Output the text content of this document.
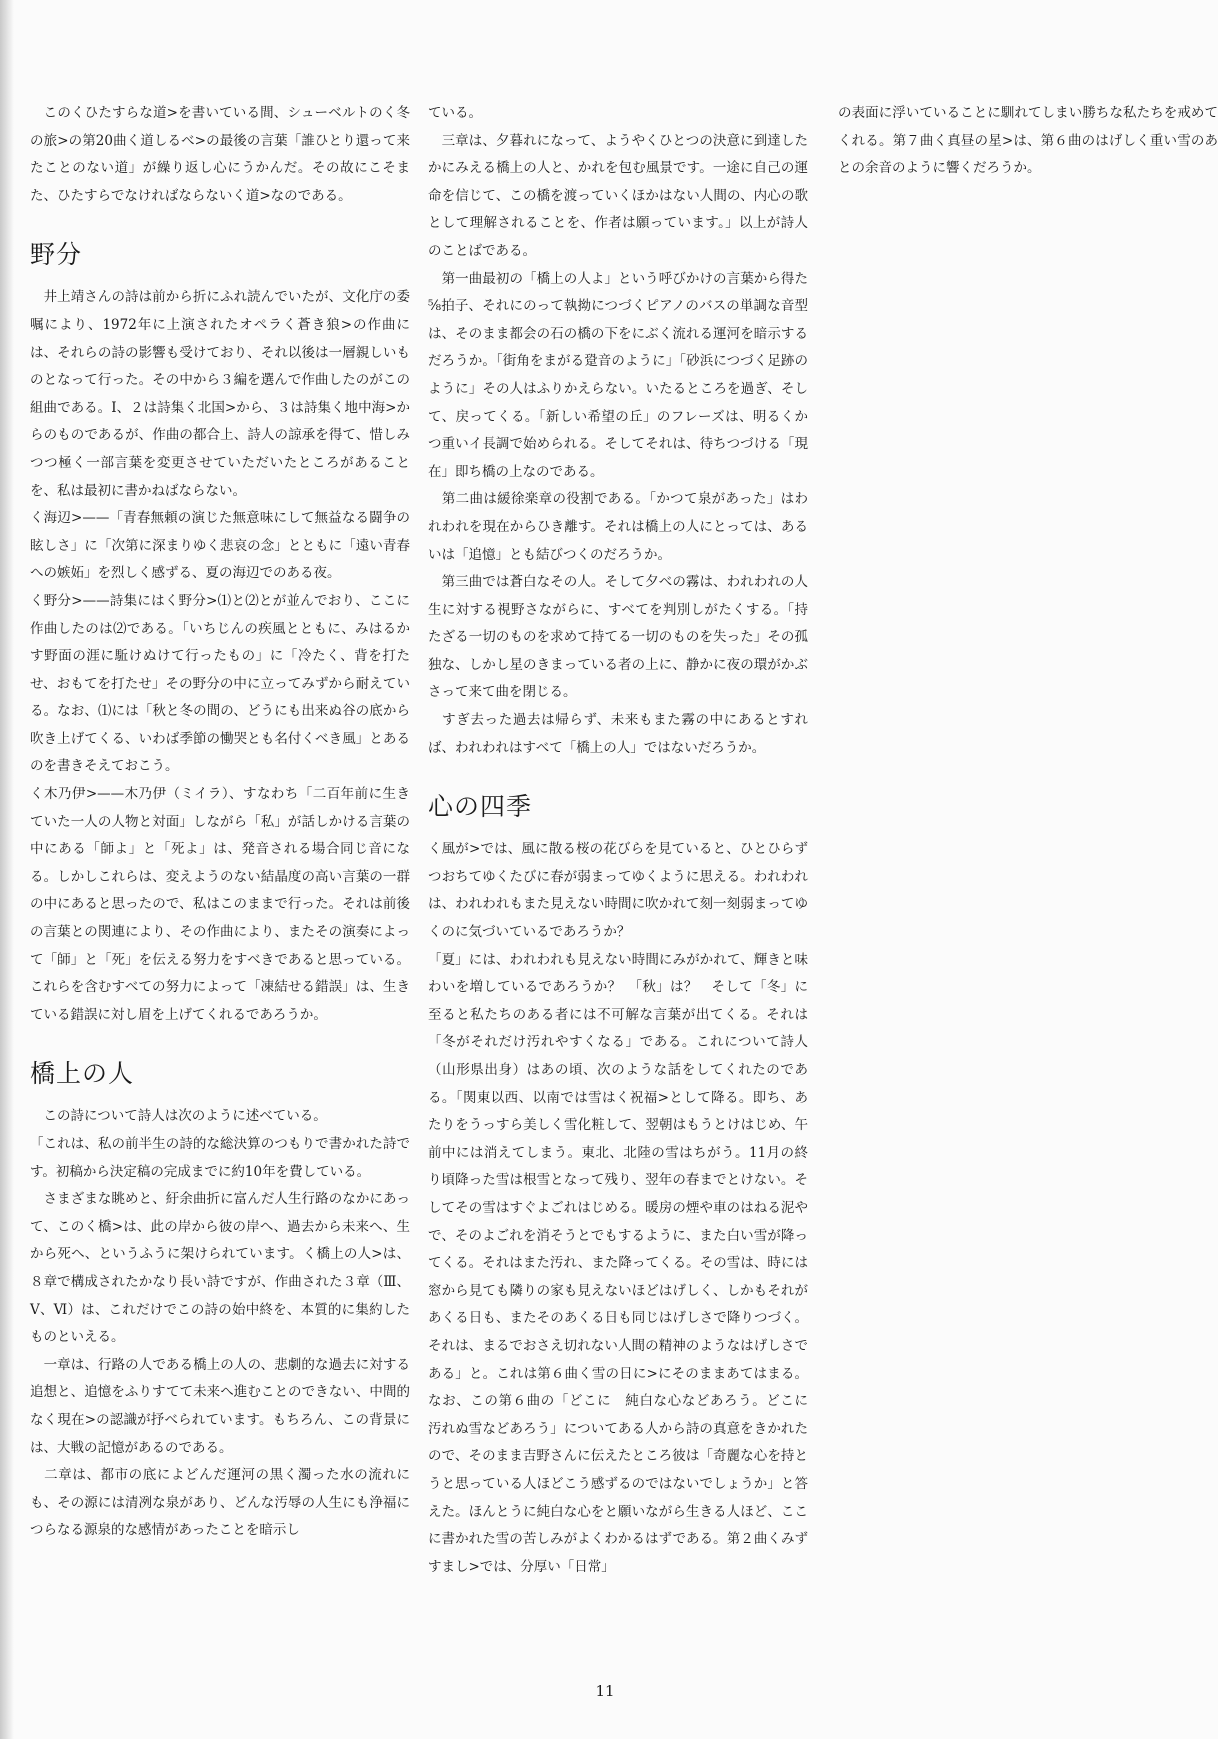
　このくひたすらな道>を書いている間、シューベルトのく冬の旅>の第20曲く道しるべ>の最後の言葉「誰ひとり還って来たことのない道」が繰り返し心にうかんだ。その故にこそまた、ひたすらでなければならないく道>なのである。

野分

　井上靖さんの詩は前から折にふれ読んでいたが、文化庁の委嘱により、1972年に上演されたオペラく蒼き狼>の作曲には、それらの詩の影響も受けており、それ以後は一層親しいものとなって行った。その中から３編を選んで作曲したのがこの組曲である。Ⅰ、２は詩集く北国>から、３は詩集く地中海>からのものであるが、作曲の都合上、詩人の諒承を得て、惜しみつつ極く一部言葉を変更させていただいたところがあることを、私は最初に書かねばならない。

く海辺>——「青春無頼の演じた無意味にして無益なる闘争の眩しさ」に「次第に深まりゆく悲哀の念」とともに「遠い青春への嫉妬」を烈しく感ずる、夏の海辺でのある夜。

く野分>——詩集にはく野分>⑴と⑵とが並んでおり、ここに作曲したのは⑵である。「いちじんの疾風とともに、みはるかす野面の涯に駈けぬけて行ったもの」に「冷たく、背を打たせ、おもてを打たせ」その野分の中に立ってみずから耐えている。なお、⑴には「秋と冬の間の、どうにも出来ぬ谷の底から吹き上げてくる、いわば季節の慟哭とも名付くべき風」とあるのを書きそえておこう。

く木乃伊>——木乃伊（ミイラ）、すなわち「二百年前に生きていた一人の人物と対面」しながら「私」が話しかける言葉の中にある「師よ」と「死よ」は、発音される場合同じ音になる。しかしこれらは、変えようのない結晶度の高い言葉の一群の中にあると思ったので、私はこのままで行った。それは前後の言葉との関連により、その作曲により、またその演奏によって「師」と「死」を伝える努力をすべきであると思っている。これらを含むすべての努力によって「凍結せる錯誤」は、生きている錯誤に対し眉を上げてくれるであろうか。

橋上の人

　この詩について詩人は次のように述べている。

「これは、私の前半生の詩的な総決算のつもりで書かれた詩です。初稿から決定稿の完成までに約10年を費している。

　さまざまな眺めと、紆余曲折に富んだ人生行路のなかにあって、このく橋>は、此の岸から彼の岸へ、過去から未来へ、生から死へ、というふうに架けられています。く橋上の人>は、８章で構成されたかなり長い詩ですが、作曲された３章（Ⅲ、Ⅴ、Ⅵ）は、これだけでこの詩の始中終を、本質的に集約したものといえる。

　一章は、行路の人である橋上の人の、悲劇的な過去に対する追想と、追憶をふりすてて未来へ進むことのできない、中間的なく現在>の認識が抒べられています。もちろん、この背景には、大戦の記憶があるのである。

　二章は、都市の底によどんだ運河の黒く濁った水の流れにも、その源には清冽な泉があり、どんな汚辱の人生にも浄福につらなる源泉的な感情があったことを暗示し

ている。

　三章は、夕暮れになって、ようやくひとつの決意に到達したかにみえる橋上の人と、かれを包む風景です。一途に自己の運命を信じて、この橋を渡っていくほかはない人間の、内心の歌として理解されることを、作者は願っています。」以上が詩人のことばである。

　第一曲最初の「橋上の人よ」という呼びかけの言葉から得た⅝拍子、それにのって執拗につづくピアノのバスの単調な音型は、そのまま都会の石の橋の下をにぶく流れる運河を暗示するだろうか。「街角をまがる跫音のように」「砂浜につづく足跡のように」その人はふりかえらない。いたるところを過ぎ、そして、戻ってくる。「新しい希望の丘」のフレーズは、明るくかつ重いイ長調で始められる。そしてそれは、待ちつづける「現在」即ち橋の上なのである。

　第二曲は緩徐楽章の役割である。「かつて泉があった」はわれわれを現在からひき離す。それは橋上の人にとっては、あるいは「追憶」とも結びつくのだろうか。

　第三曲では蒼白なその人。そして夕べの霧は、われわれの人生に対する視野さながらに、すべてを判別しがたくする。「持たざる一切のものを求めて持てる一切のものを失った」その孤独な、しかし星のきまっている者の上に、静かに夜の環がかぶさって来て曲を閉じる。

　すぎ去った過去は帰らず、未来もまた霧の中にあるとすれば、われわれはすべて「橋上の人」ではないだろうか。

心の四季

く風が>では、風に散る桜の花びらを見ていると、ひとひらずつおちてゆくたびに春が弱まってゆくように思える。われわれは、われわれもまた見えない時間に吹かれて刻一刻弱まってゆくのに気づいているであろうか？

「夏」には、われわれも見えない時間にみがかれて、輝きと味わいを増しているであろうか？　「秋」は？　そして「冬」に至ると私たちのある者には不可解な言葉が出てくる。それは「冬がそれだけ汚れやすくなる」である。これについて詩人（山形県出身）はあの頃、次のような話をしてくれたのである。「関東以西、以南では雪はく祝福>として降る。即ち、あたりをうっすら美しく雪化粧して、翌朝はもうとけはじめ、午前中には消えてしまう。東北、北陸の雪はちがう。11月の終り頃降った雪は根雪となって残り、翌年の春までとけない。そしてその雪はすぐよごれはじめる。暖房の煙や車のはねる泥やで、そのよごれを消そうとでもするように、また白い雪が降ってくる。それはまた汚れ、また降ってくる。その雪は、時には窓から見ても隣りの家も見えないほどはげしく、しかもそれがあくる日も、またそのあくる日も同じはげしさで降りつづく。それは、まるでおさえ切れない人間の精神のようなはげしさである」と。これは第６曲く雪の日に>にそのままあてはまる。なお、この第６曲の「どこに　純白な心などあろう。どこに　汚れぬ雪などあろう」についてある人から詩の真意をきかれたので、そのまま吉野さんに伝えたところ彼は「奇麗な心を持とうと思っている人ほどこう感ずるのではないでしょうか」と答えた。ほんとうに純白な心をと願いながら生きる人ほど、ここに書かれた雪の苦しみがよくわかるはずである。第２曲くみずすまし>では、分厚い「日常」

の表面に浮いていることに馴れてしまい勝ちな私たちを戒めてくれる。第７曲く真昼の星>は、第６曲のはげしく重い雪のあとの余音のように響くだろうか。

11
